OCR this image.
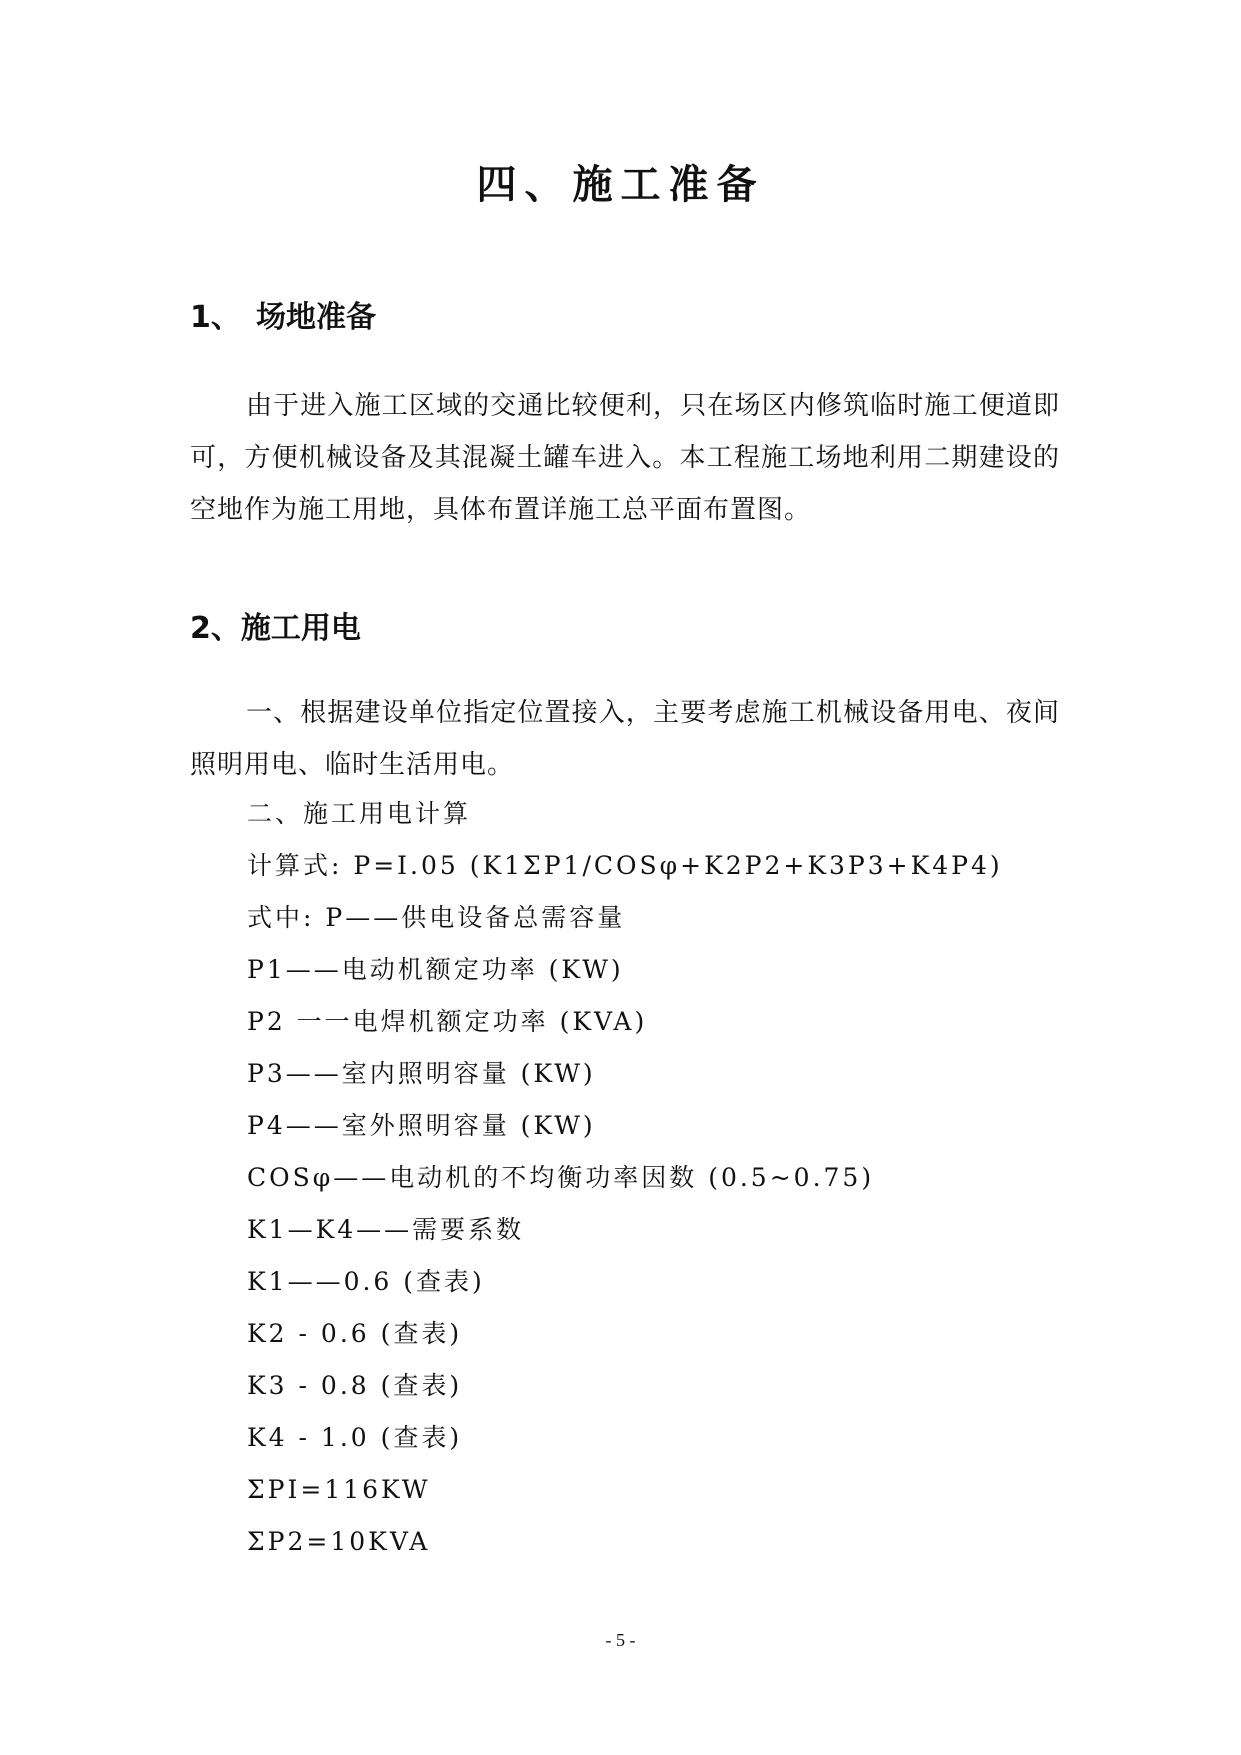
四、施工准备
1、 场地准备

由于进入施工区域的交通比较便利，只在场区内修筑临时施工便道即可，方便机械设备及其混凝土罐车进入。本工程施工场地利用二期建设的空地作为施工用地，具体布置详施工总平面布置图。

2、施工用电

一、根据建设单位指定位置接入，主要考虑施工机械设备用电、夜间照明用电、临时生活用电。

二、施工用电计算

计算式: P=I.05 (K1ΣP1/COSφ+K2P2+K3P3+K4P4)

式中: P——供电设备总需容量

P1——电动机额定功率 (KW)

P2 一一电焊机额定功率 (KVA)

P3——室内照明容量 (KW)

P4——室外照明容量 (KW)

COSφ——电动机的不均衡功率因数 (0.5~0.75)

K1—K4——需要系数

K1——0.6 (查表)

K2 - 0.6 (查表)

K3 - 0.8 (查表)

K4 - 1.0 (查表)

ΣPI=116KW

ΣP2=10KVA

- 5 -
